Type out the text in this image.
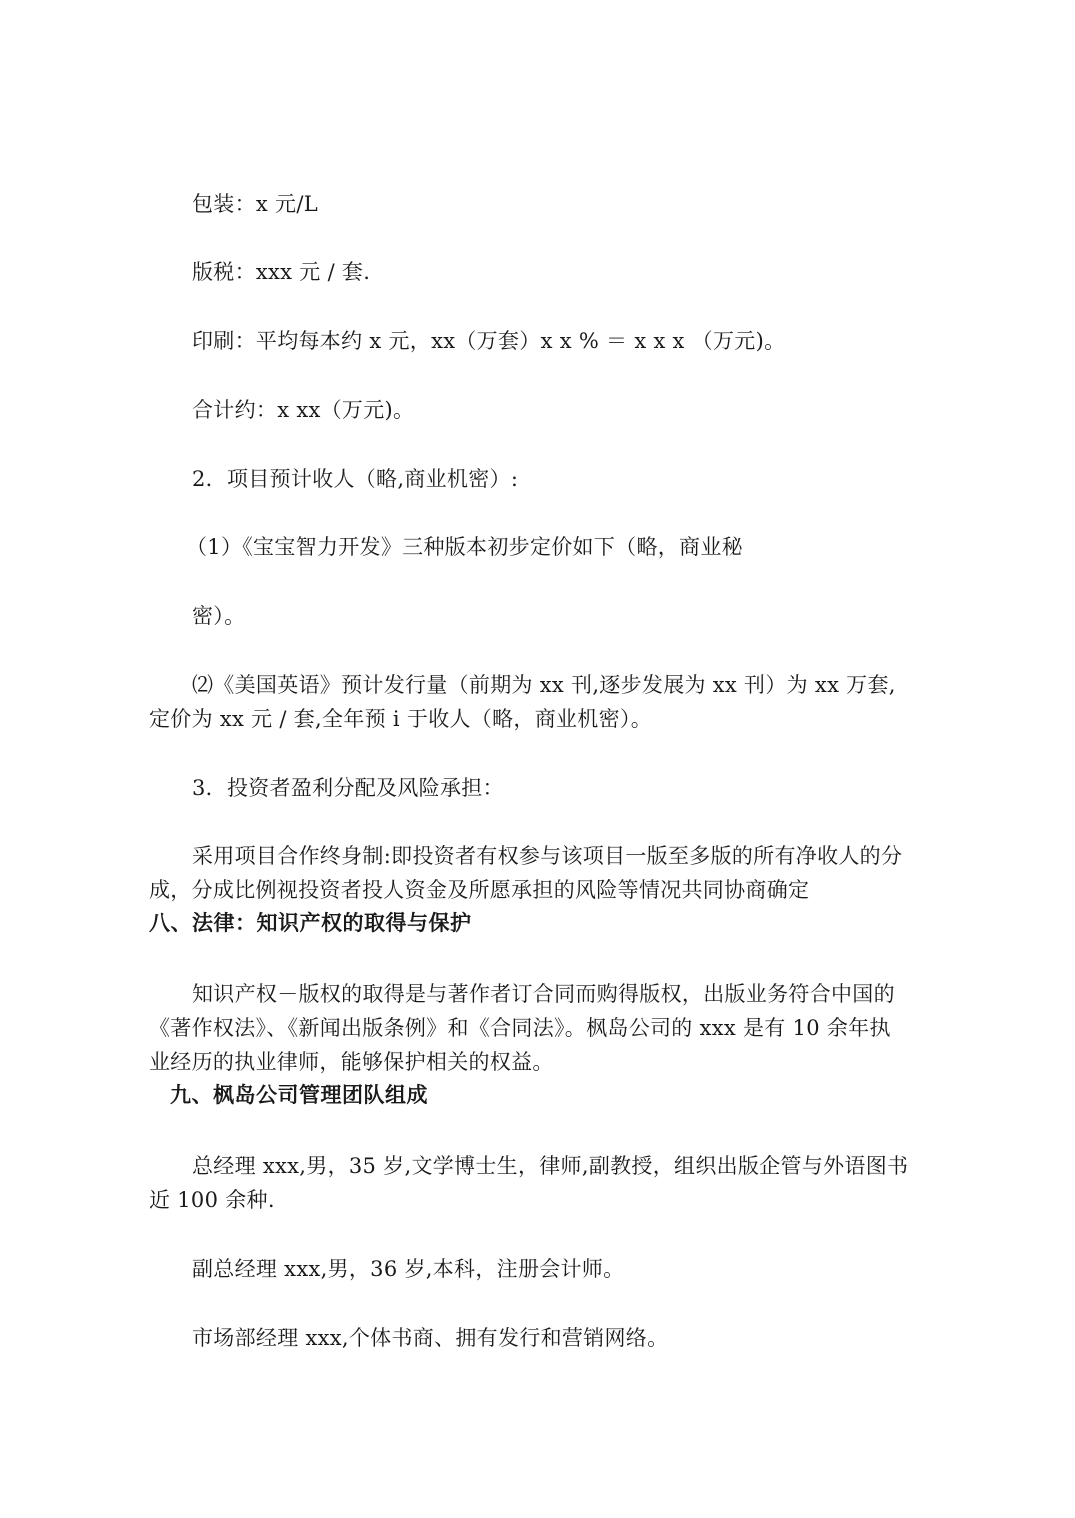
包装：x 元/L
版税：xxx 元 / 套.
印刷：平均每本约 x 元，xx（万套）x x % ＝ x x x （万元)。
合计约：x xx（万元)。
2．项目预计收人（略,商业机密）:
（1）《宝宝智力开发》三种版本初步定价如下（略，商业秘
密）。
⑵《美国英语》预计发行量（前期为 xx 刊,逐步发展为 xx 刊）为 xx 万套,
定价为 xx 元 / 套,全年预 i 于收人（略，商业机密）。
3．投资者盈利分配及风险承担：
采用项目合作终身制:即投资者有权参与该项目一版至多版的所有净收人的分
成，分成比例视投资者投人资金及所愿承担的风险等情况共同协商确定
八、法律：知识产权的取得与保护
知识产权－版权的取得是与著作者订合同而购得版权，出版业务符合中国的
《著作权法》、《新闻出版条例》和《合同法》。枫岛公司的 xxx 是有 10 余年执
业经历的执业律师，能够保护相关的权益。
九、枫岛公司管理团队组成
总经理 xxx,男，35 岁,文学博士生，律师,副教授，组织出版企管与外语图书
近 100 余种.
副总经理 xxx,男，36 岁,本科，注册会计师。
市场部经理 xxx,个体书商、拥有发行和营销网络。
